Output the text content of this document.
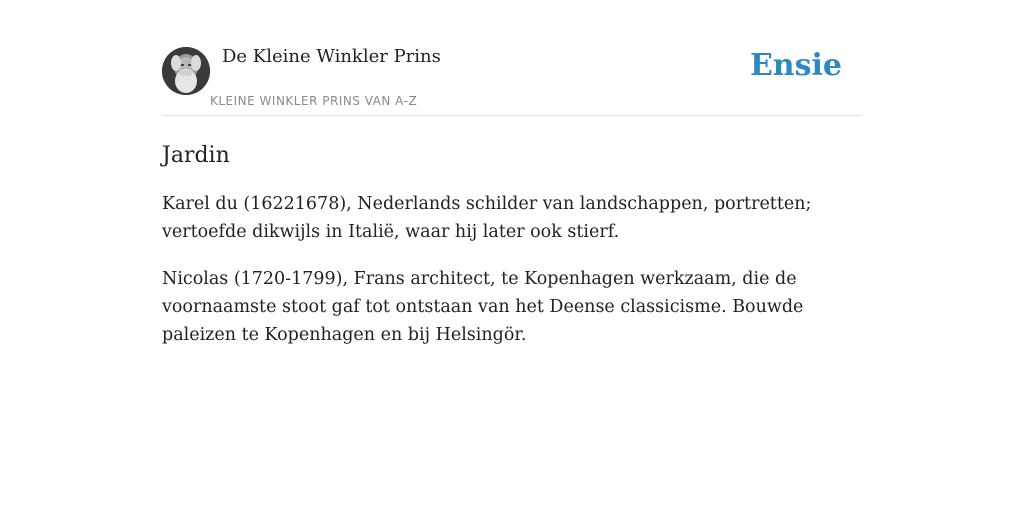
De Kleine Winkler Prins
KLEINE WINKLER PRINS VAN A-Z
Ensie
Jardin

Karel du (16221678), Nederlands schilder van landschappen, portretten; vertoefde dikwijls in Italië, waar hij later ook stierf.

Nicolas (1720-1799), Frans architect, te Kopenhagen werkzaam, die de voornaamste stoot gaf tot ontstaan van het Deense classicisme. Bouwde paleizen te Kopenhagen en bij Helsingör.
